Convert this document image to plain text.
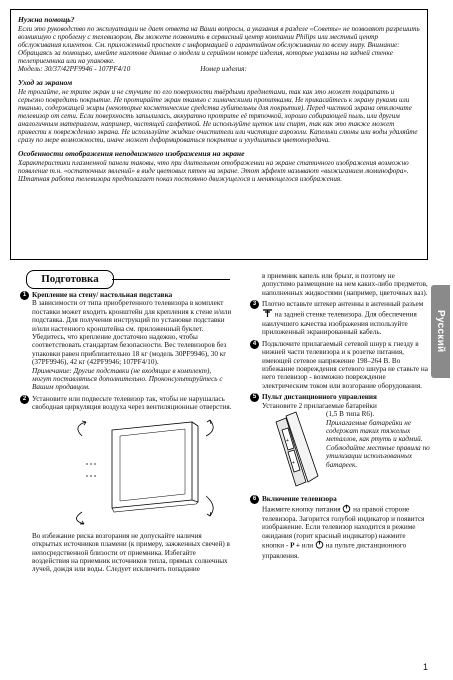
Нужна помощь?
Если это руководство по эксплуатации не дает ответа на Ваши вопросы, а указания в разделе «Советы» не позволяют разрешить возникшую с проблему с телевизором, Вы можете позвонить в сервисный центр компании Philips или местный центр обслуживания клиентов. См. приложенный проспект с информацией о гарантийном обслуживании по всему миру. Внимание: Обращаясь за помощью, имейте наготове данные о модели и серийном номере изделия, которые указаны на задней стенке телеприемника или на упаковке.
Модель: 30/37/42PF9946 - 107PF4/10	Номер изделия:
Уход за экраном
Не трогайте, не трите экран и не стучите по его поверхности твёрдыми предметами, так как это может поцарапать и серьезно повредить покрытие. Не протирайте экран тканью с химическими пропитками. Не прикасайтесь к экрану руками или тканью, содержащей жиры (некоторые косметические средства губительны для покрытия). Перед чисткой экрана отключите телевизор от сети. Если поверхность запылилась, аккуратно протрите её тряпочкой, хорошо собирающей пыль, или другим аналогичным материалом, например, чистящей салфеткой. Не используйте щеток или спирт, так как это также может привести к повреждению экрана. Не используйте жидкие очистители или чистящие аэрозоли. Капельки слюны или воды удаляйте сразу по мере возможности, иначе может деформироваться покрытие и ухудшиться цветопередача.
Особенности отображения неподвижного изображения на экране
Характеристики плазменной панели таковы, что при длительном отображении на экране статичного изображения возможно появление т.н. «остаточных явлений» в виде цветовых пятен на экране. Этот эффект называют «выжиганием люминофора». Штатная работа телевизора предполагает показ постоянно движущегося и меняющегося изображения.
Русский
Подготовка
1 Крепление на стену/ настольная подставка
В зависимости от типа приобретенного телевизора в комплект поставки может входить кронштейн для крепления к стене и/или подставка. Для получения инструкций по установке подставки и/или настенного кронштейна см. приложенный буклет. Убедитесь, что крепление достаточно надежно, чтобы соответствовать стандартам безопасности. Вес телевизоров без упаковки равен приблизительно 18 кг (модель 30PF9946), 30 кг (37PF9946), 42 кг (42PF9946; 107PF4/10).
Примечание: Другие подставки (не входящие в комплект), могут поставляться дополнительно. Проконсультируйтесь с Вашим продавцом.
2 Установите или подвесьте телевизор так, чтобы не нарушалась свободная циркуляция воздуха через вентиляционные отверстия.
Во избежание риска возгорания не допускайте наличия открытых источников пламени (к примеру, зажженных свечей) в непосредственной близости от приемника. Избегайте воздействия на приемник источников тепла, прямых солнечных лучей, дождя или воды. Следует исключить попадание
в приемник капель или брызг, и поэтому не допустимо размещение на нем каких-либо предметов, наполненных жидкостями (например, цветочных ваз).
3 Плотно вставьте штекер антенны в антенный разъем  на задней стенке телевизора. Для обеспечения наилучшего качества изображения используйте приложенный экранированный кабель.
4 Подключите прилагаемый сетевой шнур к гнезду в нижней части телевизора и к розетке питания, имеющей сетевое напряжение 198–264 В. Во избежание повреждения сетевого шнура не ставьте на него телевизор - возможно повреждение электрическим током или возгорание оборудования.
5 Пульт дистанционного управления
Установите 2 прилагаемые батарейки
+
+
(1,5 В типа R6).
Прилагаемые батарейки не содержат таких тяжелых металлов, как ртуть и кадмий. Соблюдайте местные правила по утилизации использованных батареек.
6 Включение телевизора
Нажмите кнопку питания на правой стороне телевизора. Загорится голубой индикатор и появится изображение. Если телевизор находится в режиме ожидания (горит красный индикатор) нажмите кнопки - P + или на пульте дистанционного управления.
1
